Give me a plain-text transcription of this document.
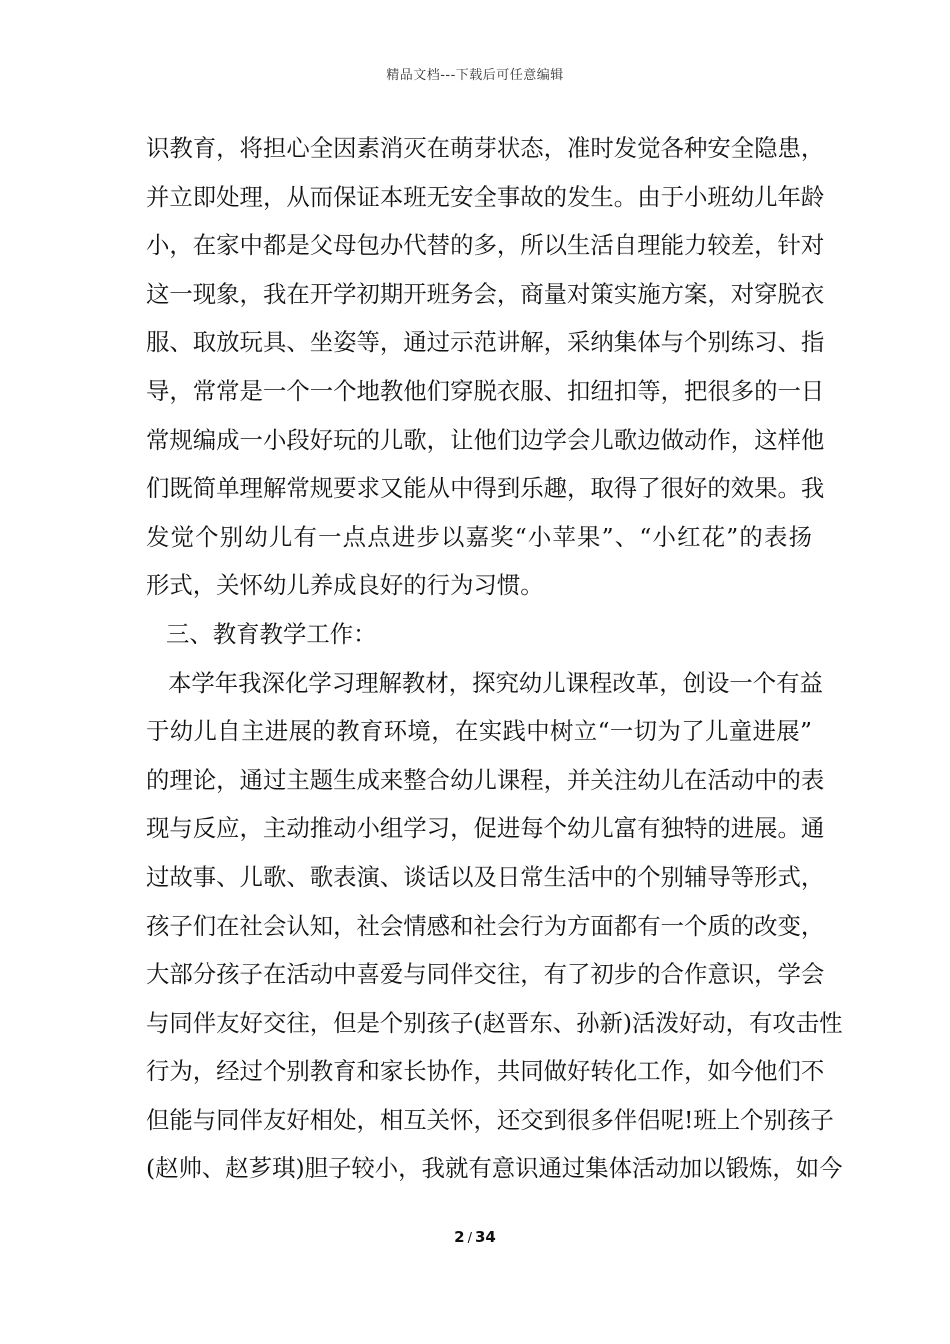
精品文档---下载后可任意编辑
识教育，将担心全因素消灭在萌芽状态，准时发觉各种安全隐患，
并立即处理，从而保证本班无安全事故的发生。由于小班幼儿年龄
小，在家中都是父母包办代替的多，所以生活自理能力较差，针对
这一现象，我在开学初期开班务会，商量对策实施方案，对穿脱衣
服、取放玩具、坐姿等，通过示范讲解，采纳集体与个别练习、指
导，常常是一个一个地教他们穿脱衣服、扣纽扣等，把很多的一日
常规编成一小段好玩的儿歌，让他们边学会儿歌边做动作，这样他
们既简单理解常规要求又能从中得到乐趣，取得了很好的效果。我
发觉个别幼儿有一点点进步以嘉奖“小苹果”、“小红花”的表扬
形式，关怀幼儿养成良好的行为习惯。
三、教育教学工作：
本学年我深化学习理解教材，探究幼儿课程改革，创设一个有益
于幼儿自主进展的教育环境，在实践中树立“一切为了儿童进展”
的理论，通过主题生成来整合幼儿课程，并关注幼儿在活动中的表
现与反应，主动推动小组学习，促进每个幼儿富有独特的进展。通
过故事、儿歌、歌表演、谈话以及日常生活中的个别辅导等形式，
孩子们在社会认知，社会情感和社会行为方面都有一个质的改变，
大部分孩子在活动中喜爱与同伴交往，有了初步的合作意识，学会
与同伴友好交往，但是个别孩子(赵晋东、孙新)活泼好动，有攻击性
行为，经过个别教育和家长协作，共同做好转化工作，如今他们不
但能与同伴友好相处，相互关怀，还交到很多伴侣呢!班上个别孩子
(赵帅、赵芗琪)胆子较小，我就有意识通过集体活动加以锻炼，如今
2 / 34
